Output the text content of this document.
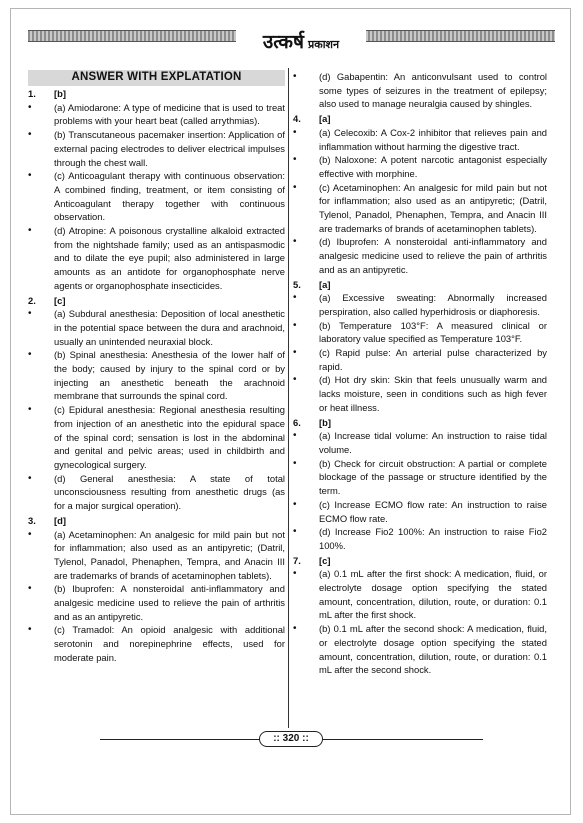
उत्कर्ष प्रकाशन
ANSWER WITH EXPLATATION
1.	[b]
•	(a) Amiodarone: A type of medicine that is used to treat problems with your heart beat (called arrythmias).
•	(b) Transcutaneous pacemaker insertion: Application of external pacing electrodes to deliver electrical impulses through the chest wall.
•	(c) Anticoagulant therapy with continuous observation: A combined finding, treatment, or item consisting of Anticoagulant therapy together with continuous observation.
•	(d) Atropine: A poisonous crystalline alkaloid extracted from the nightshade family; used as an antispasmodic and to dilate the eye pupil; also administered in large amounts as an antidote for organophosphate nerve agents or organophosphate insecticides.
2.	[c]
•	(a) Subdural anesthesia: Deposition of local anesthetic in the potential space between the dura and arachnoid, usually an unintended neuraxial block.
•	(b) Spinal anesthesia: Anesthesia of the lower half of the body; caused by injury to the spinal cord or by injecting an anesthetic beneath the arachnoid membrane that surrounds the spinal cord.
•	(c) Epidural anesthesia: Regional anesthesia resulting from injection of an anesthetic into the epidural space of the spinal cord; sensation is lost in the abdominal and genital and pelvic areas; used in childbirth and gynecological surgery.
•	(d) General anesthesia: A state of total unconsciousness resulting from anesthetic drugs (as for a major surgical operation).
3.	[d]
•	(a) Acetaminophen: An analgesic for mild pain but not for inflammation; also used as an antipyretic; (Datril, Tylenol, Panadol, Phenaphen, Tempra, and Anacin III are trademarks of brands of acetaminophen tablets).
•	(b) Ibuprofen: A nonsteroidal anti-inflammatory and analgesic medicine used to relieve the pain of arthritis and as an antipyretic.
•	(c) Tramadol: An opioid analgesic with additional serotonin and norepinephrine effects, used for moderate pain.
•	(d) Gabapentin: An anticonvulsant used to control some types of seizures in the treatment of epilepsy; also used to manage neuralgia caused by shingles.
4.	[a]
•	(a) Celecoxib: A Cox-2 inhibitor that relieves pain and inflammation without harming the digestive tract.
•	(b) Naloxone: A potent narcotic antagonist especially effective with morphine.
•	(c) Acetaminophen: An analgesic for mild pain but not for inflammation; also used as an antipyretic; (Datril, Tylenol, Panadol, Phenaphen, Tempra, and Anacin III are trademarks of brands of acetaminophen tablets).
•	(d) Ibuprofen: A nonsteroidal anti-inflammatory and analgesic medicine used to relieve the pain of arthritis and as an antipyretic.
5.	[a]
•	(a) Excessive sweating: Abnormally increased perspiration, also called hyperhidrosis or diaphoresis.
•	(b) Temperature 103°F: A measured clinical or laboratory value specified as Temperature 103°F.
•	(c) Rapid pulse: An arterial pulse characterized by rapid.
•	(d) Hot dry skin: Skin that feels unusually warm and lacks moisture, seen in conditions such as high fever or heat illness.
6.	[b]
•	(a) Increase tidal volume: An instruction to raise tidal volume.
•	(b) Check for circuit obstruction: A partial or complete blockage of the passage or structure identified by the term.
•	(c) Increase ECMO flow rate: An instruction to raise ECMO flow rate.
•	(d) Increase Fio2 100%: An instruction to raise Fio2 100%.
7.	[c]
•	(a) 0.1 mL after the first shock: A medication, fluid, or electrolyte dosage option specifying the stated amount, concentration, dilution, route, or duration: 0.1 mL after the first shock.
•	(b) 0.1 mL after the second shock: A medication, fluid, or electrolyte dosage option specifying the stated amount, concentration, dilution, route, or duration: 0.1 mL after the second shock.
:: 320 ::
